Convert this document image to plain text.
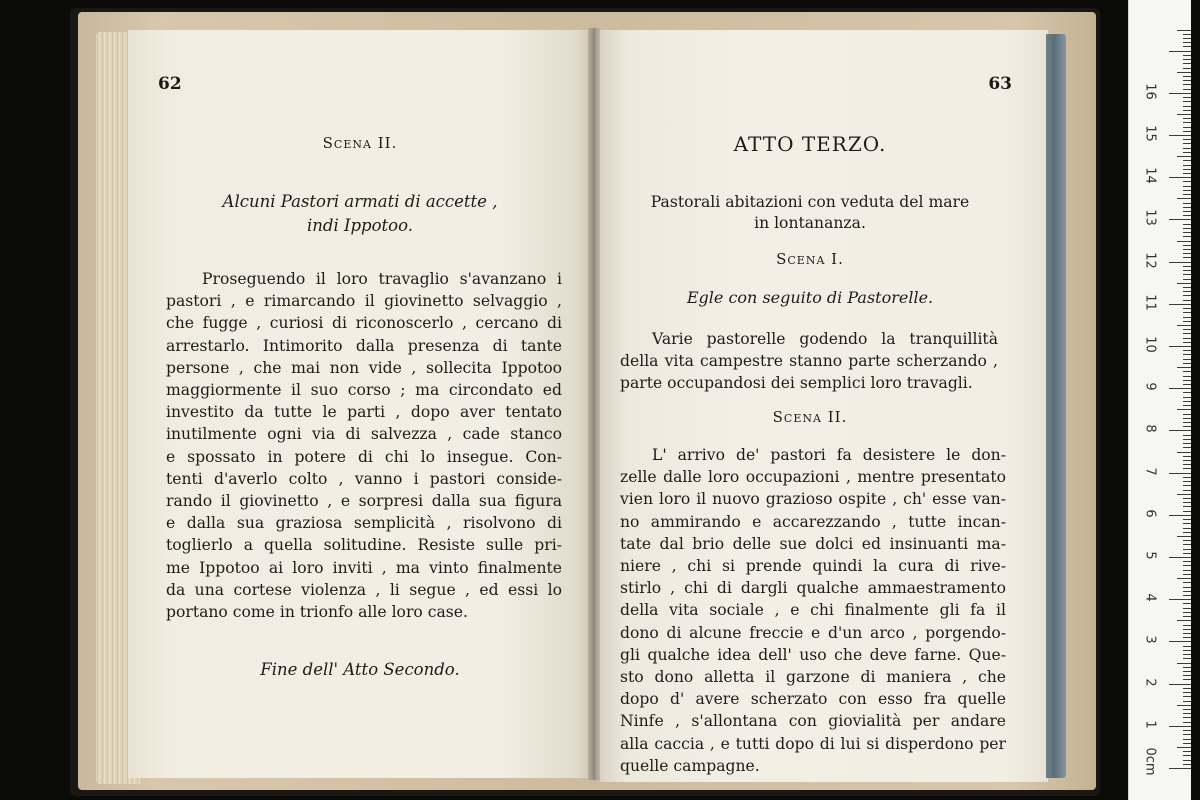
62
Scena II.
Alcuni Pastori armati di accette ,
indi Ippotoo.
Proseguendo il loro travaglio s'avanzano i
pastori , e rimarcando il giovinetto selvaggio ,
che fugge , curiosi di riconoscerlo , cercano di
arrestarlo. Intimorito dalla presenza di tante
persone , che mai non vide , sollecita Ippotoo
maggiormente il suo corso ; ma circondato ed
investito da tutte le parti , dopo aver tentato
inutilmente ogni via di salvezza , cade stanco
e spossato in potere di chi lo insegue. Con-
tenti d'averlo colto , vanno i pastori conside-
rando il giovinetto , e sorpresi dalla sua figura
e dalla sua graziosa semplicità , risolvono di
toglierlo a quella solitudine. Resiste sulle pri-
me Ippotoo ai loro inviti , ma vinto finalmente
da una cortese violenza , li segue , ed essi lo
portano come in trionfo alle loro case.
Fine dell' Atto Secondo.
63
ATTO TERZO.
Pastorali abitazioni con veduta del mare
in lontananza.
Scena I.
Egle con seguito di Pastorelle.
Varie pastorelle godendo la tranquillità
della vita campestre stanno parte scherzando ,
parte occupandosi dei semplici loro travagli.
Scena II.
L' arrivo de' pastori fa desistere le don-
zelle dalle loro occupazioni , mentre presentato
vien loro il nuovo grazioso ospite , ch' esse van-
no ammirando e accarezzando , tutte incan-
tate dal brio delle sue dolci ed insinuanti ma-
niere , chi si prende quindi la cura di rive-
stirlo , chi di dargli qualche ammaestramento
della vita sociale , e chi finalmente gli fa il
dono di alcune freccie e d'un arco , porgendo-
gli qualche idea dell' uso che deve farne. Que-
sto dono alletta il garzone di maniera , che
dopo d' avere scherzato con esso fra quelle
Ninfe , s'allontana con giovialità per andare
alla caccia , e tutti dopo di lui si disperdono per
quelle campagne.	0cm
1
2
3
4
5
6
7
8
9
10
11
12
13
14
15
16
